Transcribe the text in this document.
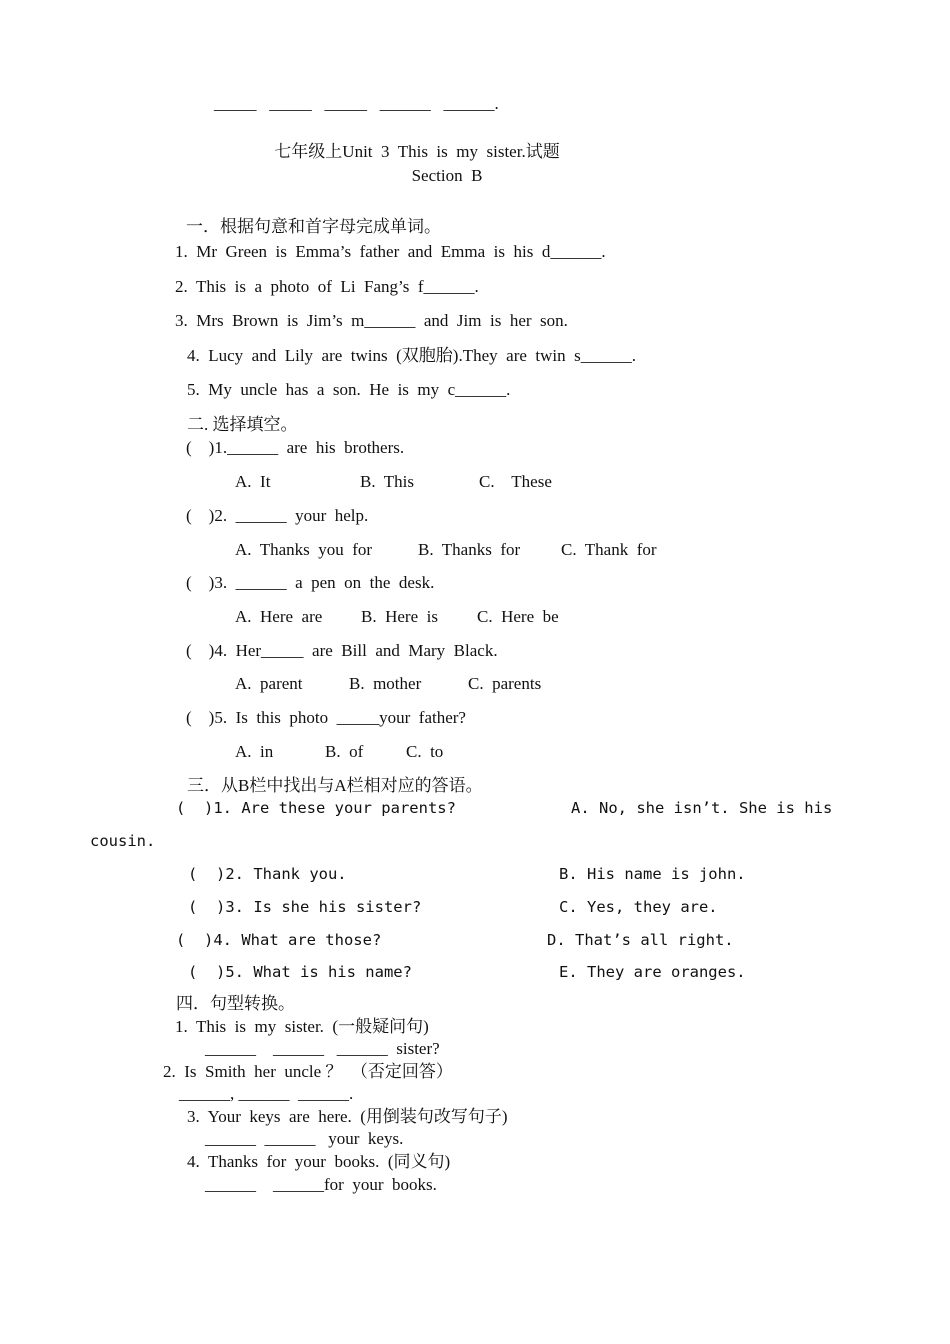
_____   _____   _____   ______   ______.
七年级上Unit  3  This  is  my  sister.试题
Section  B
一．根据句意和首字母完成单词。
1.  Mr  Green  is  Emma’s  father  and  Emma  is  his  d______.
2.  This  is  a  photo  of  Li  Fang’s  f______.
3.  Mrs  Brown  is  Jim’s  m______  and  Jim  is  her  son.
4.  Lucy  and  Lily  are  twins  (双胞胎).They  are  twin  s______.
5.  My  uncle  has  a  son.  He  is  my  c______.
二. 选择填空。
(    )1.______  are  his  brothers.
A.  It	B.  This	C.    These
(    )2.  ______  your  help.
A.  Thanks  you  for	B.  Thanks  for C.  Thank  for
(    )3.  ______  a  pen  on  the  desk.
A.  Here  are B.  Here  is C.  Here  be
(    )4.  Her_____  are  Bill  and  Mary  Black.
A.  parent	B.  mother	C.  parents
(    )5.  Is  this  photo  _____your  father?
A.  in	B.  of	C.  to
三．从B栏中找出与A栏相对应的答语。
(  )1. Are these your parents?	A. No, she isn’t. She is his
cousin.
(  )2. Thank you.	B. His name is john.
(  )3. Is she his sister?	C. Yes, they are.
(  )4. What are those?	D. That’s all right.
(  )5. What is his name?	E. They are oranges.
四．句型转换。
1.  This  is  my  sister.  (一般疑问句)
______    ______   ______  sister?
2.  Is  Smith  her  uncle ？  （否定回答）
______, ______  ______.
3.  Your  keys  are  here.  (用倒装句改写句子)
______  ______   your  keys.
4.  Thanks  for  your  books.  (同义句)
______    ______for  your  books.
